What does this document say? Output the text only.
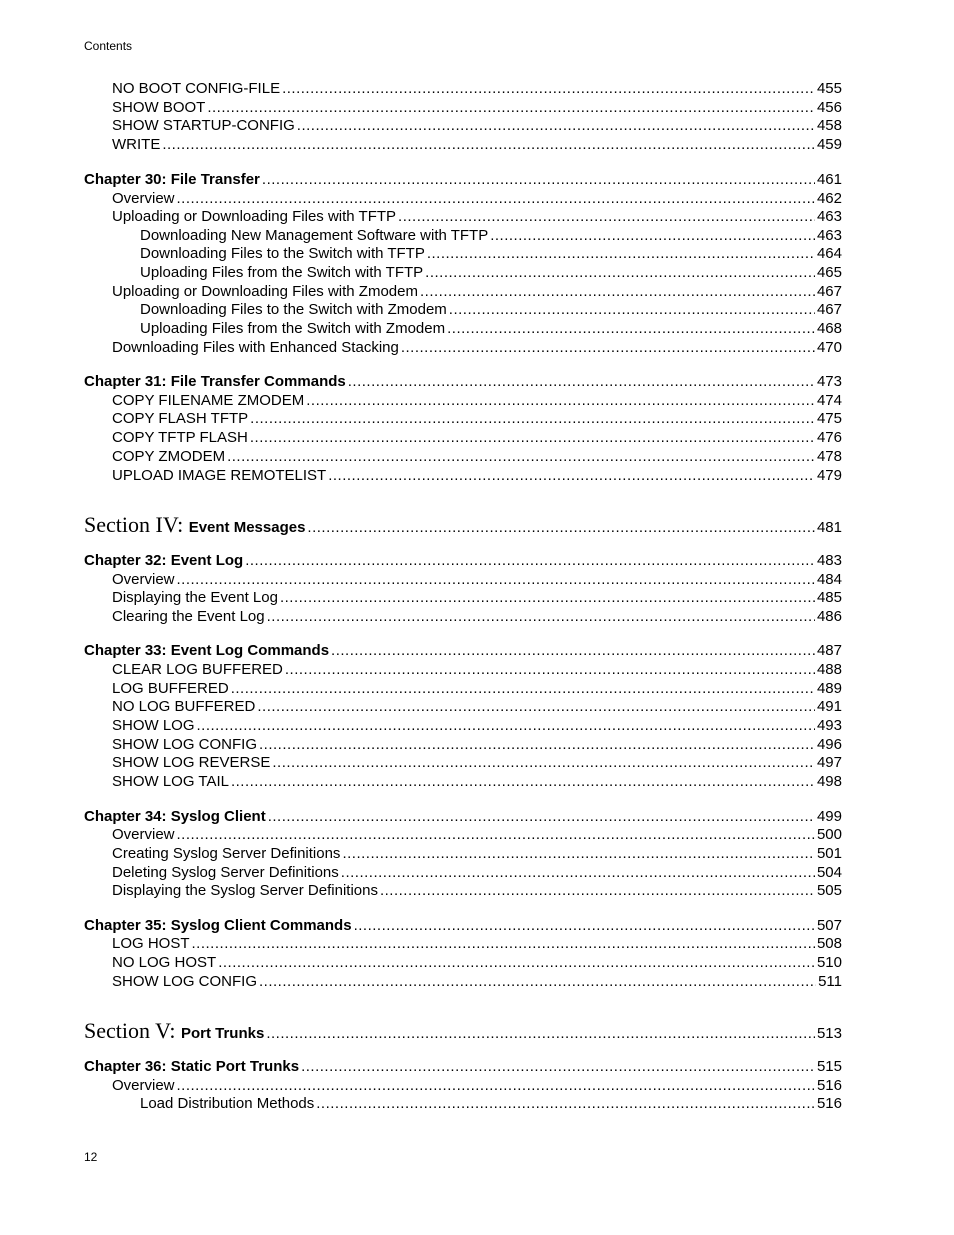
Contents
NO BOOT CONFIG-FILE .....	455
SHOW BOOT .....	456
SHOW STARTUP-CONFIG .....	458
WRITE .....	459
Chapter 30: File Transfer .....	461
Overview .....	462
Uploading or Downloading Files with TFTP .....	463
Downloading New Management Software with TFTP .....	463
Downloading Files to the Switch with TFTP .....	464
Uploading Files from the Switch with TFTP .....	465
Uploading or Downloading Files with Zmodem .....	467
Downloading Files to the Switch with Zmodem .....	467
Uploading Files from the Switch with Zmodem .....	468
Downloading Files with Enhanced Stacking .....	470
Chapter 31: File Transfer Commands .....	473
COPY FILENAME ZMODEM .....	474
COPY FLASH TFTP .....	475
COPY TFTP FLASH .....	476
COPY ZMODEM .....	478
UPLOAD IMAGE REMOTELIST .....	479
Section IV: Event Messages .....	481
Chapter 32: Event Log .....	483
Overview .....	484
Displaying the Event Log .....	485
Clearing the Event Log .....	486
Chapter 33: Event Log Commands .....	487
CLEAR LOG BUFFERED .....	488
LOG BUFFERED .....	489
NO LOG BUFFERED .....	491
SHOW LOG .....	493
SHOW LOG CONFIG .....	496
SHOW LOG REVERSE .....	497
SHOW LOG TAIL .....	498
Chapter 34: Syslog Client .....	499
Overview .....	500
Creating Syslog Server Definitions .....	501
Deleting Syslog Server Definitions .....	504
Displaying the Syslog Server Definitions .....	505
Chapter 35: Syslog Client Commands .....	507
LOG HOST .....	508
NO LOG HOST .....	510
SHOW LOG CONFIG .....	511
Section V: Port Trunks .....	513
Chapter 36: Static Port Trunks .....	515
Overview .....	516
Load Distribution Methods .....	516
12
